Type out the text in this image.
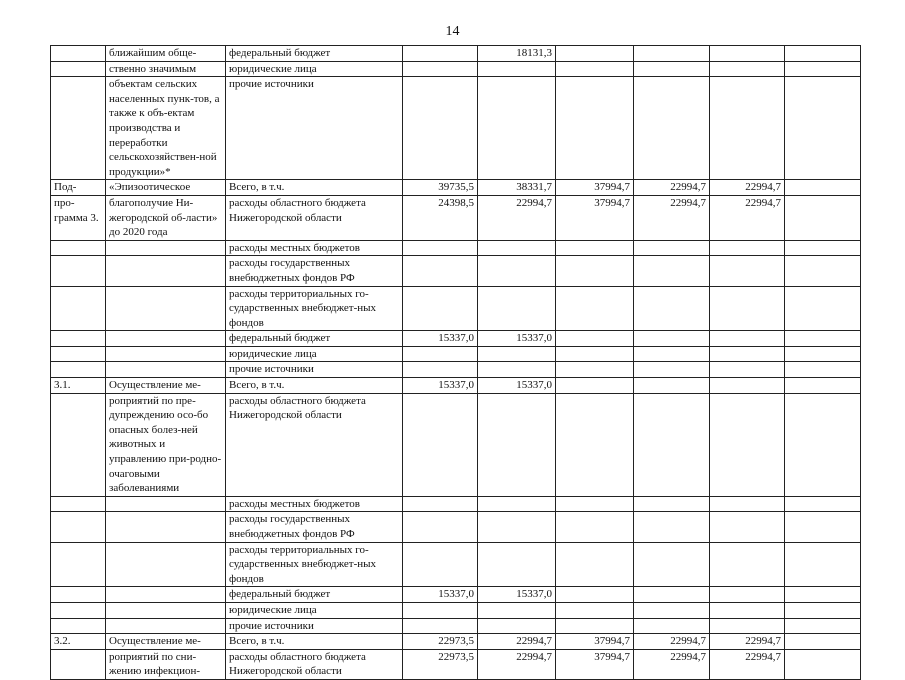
14
	ближайшим обще-	федеральный бюджет		18131,3				
	ственно значимым	юридические лица						
	объектам сельских населенных пунк-тов, а также к объ-ектам производства и переработки сельскохозяйствен-ной продукции»*	прочие источники						
Под-	«Эпизоотическое	Всего, в т.ч.	39735,5	38331,7	37994,7	22994,7	22994,7	
про-грамма 3.	благополучие Ни-жегородской об-ласти» до 2020 года	расходы областного бюджета Нижегородской области	24398,5	22994,7	37994,7	22994,7	22994,7	
		расходы местных бюджетов						
		расходы государственных внебюджетных фондов РФ						
		расходы территориальных го-сударственных внебюджет-ных фондов						
		федеральный бюджет	15337,0	15337,0				
		юридические лица						
		прочие источники						
3.1.	Осуществление ме-	Всего, в т.ч.	15337,0	15337,0				
	роприятий по пре-дупреждению осо-бо опасных болез-ней животных и управлению при-родно-очаговыми заболеваниями	расходы областного бюджета Нижегородской области						
		расходы местных бюджетов						
		расходы государственных внебюджетных фондов РФ						
		расходы территориальных го-сударственных внебюджет-ных фондов						
		федеральный бюджет	15337,0	15337,0				
		юридические лица						
		прочие источники						
3.2.	Осуществление ме-	Всего, в т.ч.	22973,5	22994,7	37994,7	22994,7	22994,7	
	роприятий по сни-жению инфекцион-	расходы областного бюджета Нижегородской области	22973,5	22994,7	37994,7	22994,7	22994,7	
